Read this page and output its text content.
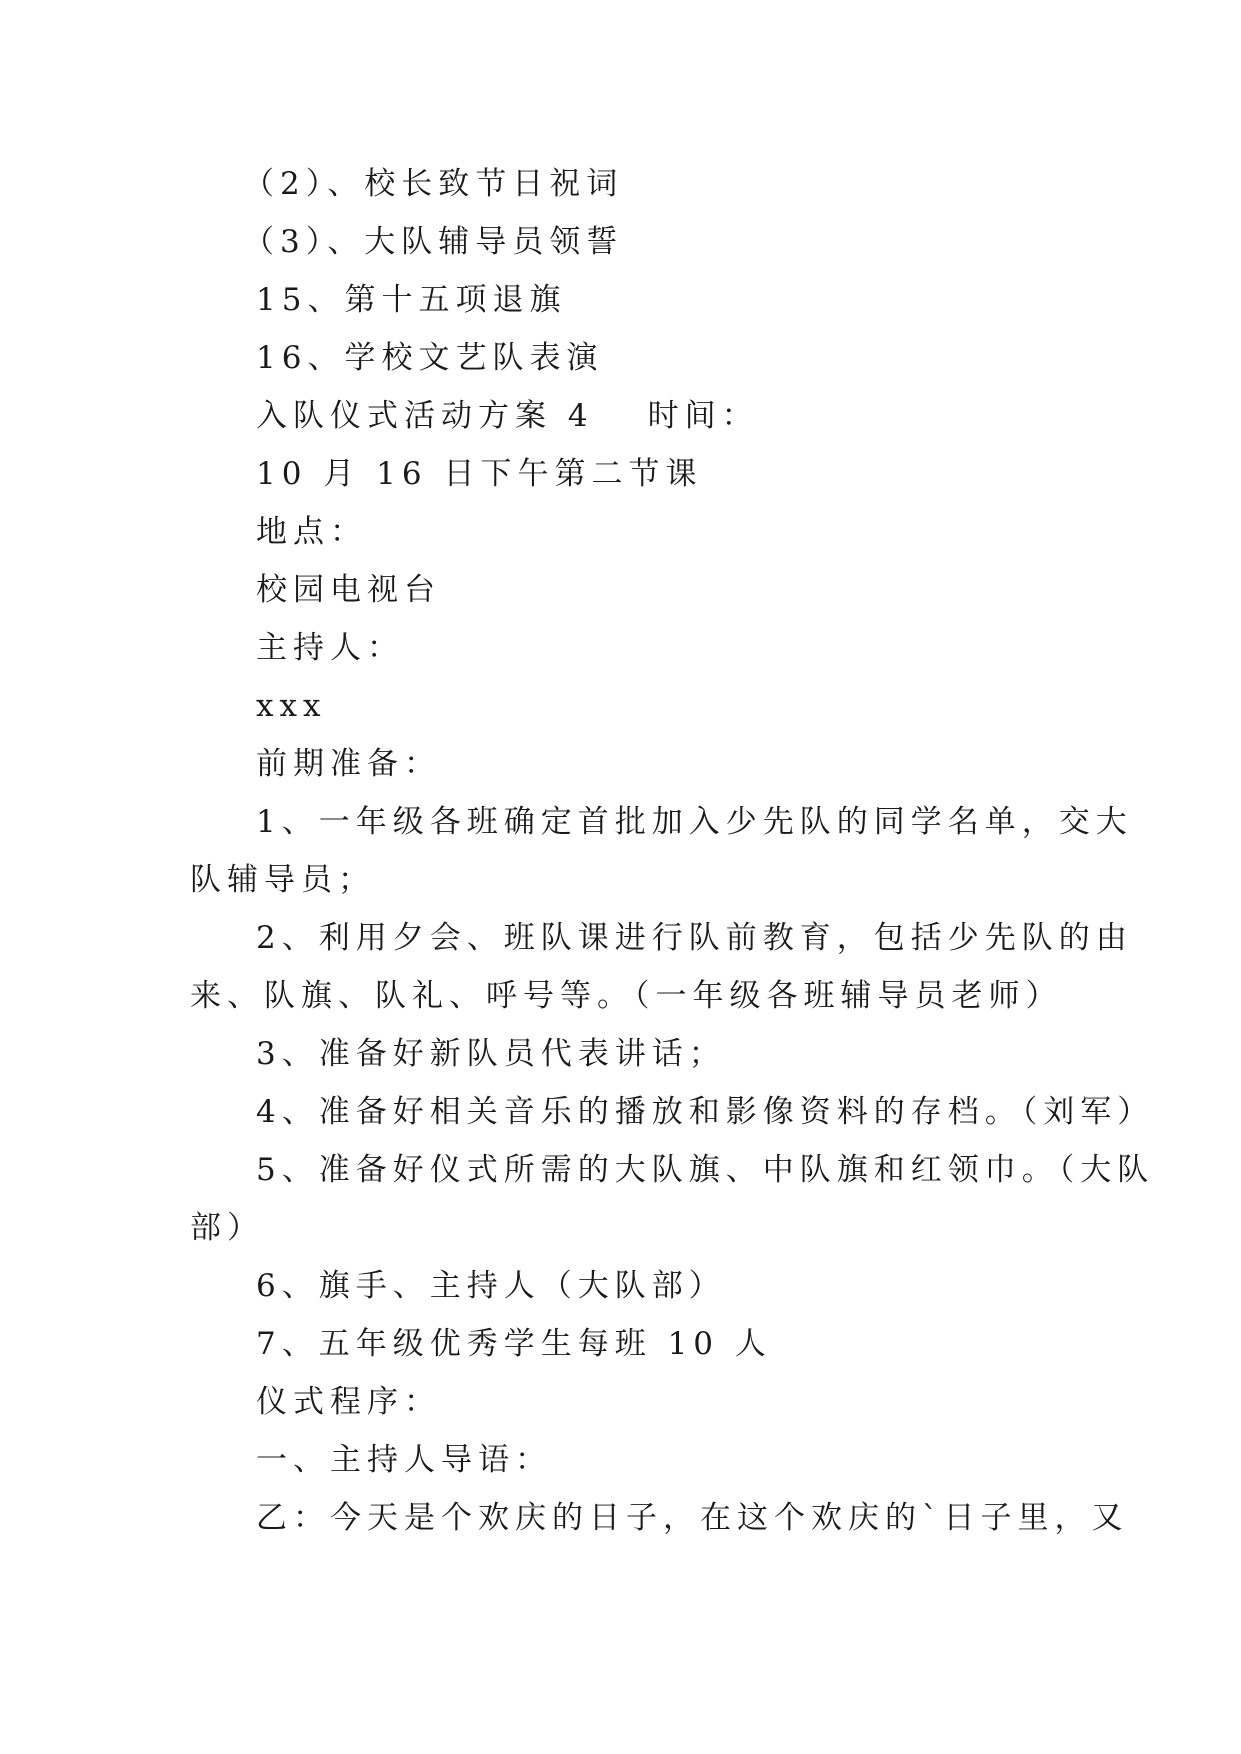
（2）、校长致节日祝词
（3）、大队辅导员领誓
15、第十五项退旗
16、学校文艺队表演
入队仪式活动方案 4 时间：
10 月 16 日下午第二节课
地点：
校园电视台
主持人：
xxx
前期准备：
1、一年级各班确定首批加入少先队的同学名单，交大
队辅导员；
2、利用夕会、班队课进行队前教育，包括少先队的由
来、队旗、队礼、呼号等。（一年级各班辅导员老师）
3、准备好新队员代表讲话；
4、准备好相关音乐的播放和影像资料的存档。（刘军）
5、准备好仪式所需的大队旗、中队旗和红领巾。（大队
部）
6、旗手、主持人（大队部）
7、五年级优秀学生每班 10 人
仪式程序：
一、主持人导语：
乙：今天是个欢庆的日子，在这个欢庆的`日子里，又
